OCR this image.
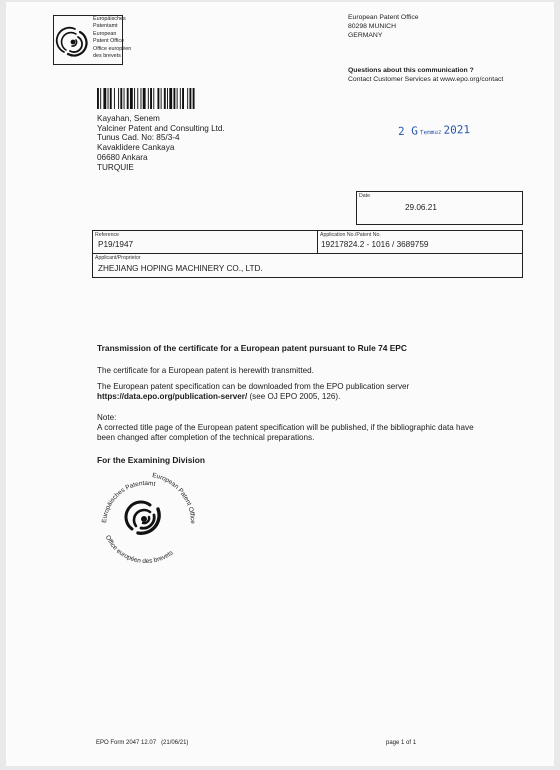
Europäisches
Patentamt
European
Patent Office
Office européen
des brevets
European Patent Office
80298 MUNICH
GERMANY
Questions about this communication ?
Contact Customer Services at www.epo.org/contact
Kayahan, Senem
Yalciner Patent and Consulting Ltd.
Tunus Cad. No: 85/3-4
Kavaklidere Cankaya
06680 Ankara
TURQUIE
2 G Temmuz 2021
Date
29.06.21
Reference
P19/1947
Application No./Patent No.
19217824.2 - 1016 / 3689759
Applicant/Proprietor
ZHEJIANG HOPING MACHINERY CO., LTD.
Transmission of the certificate for a European patent pursuant to Rule 74 EPC
The certificate for a European patent is herewith transmitted.
The European patent specification can be downloaded from the EPO publication server
https://data.epo.org/publication-server/ (see OJ EPO 2005, 126).
Note:
A corrected title page of the European patent specification will be published, if the bibliographic data have
been changed after completion of the technical preparations.
For the Examining Division
Europäisches Patentamt
European Patent Office
Office européen des brevets
EPO Form 2047 12.07 (21/06/21)	page 1 of 1
